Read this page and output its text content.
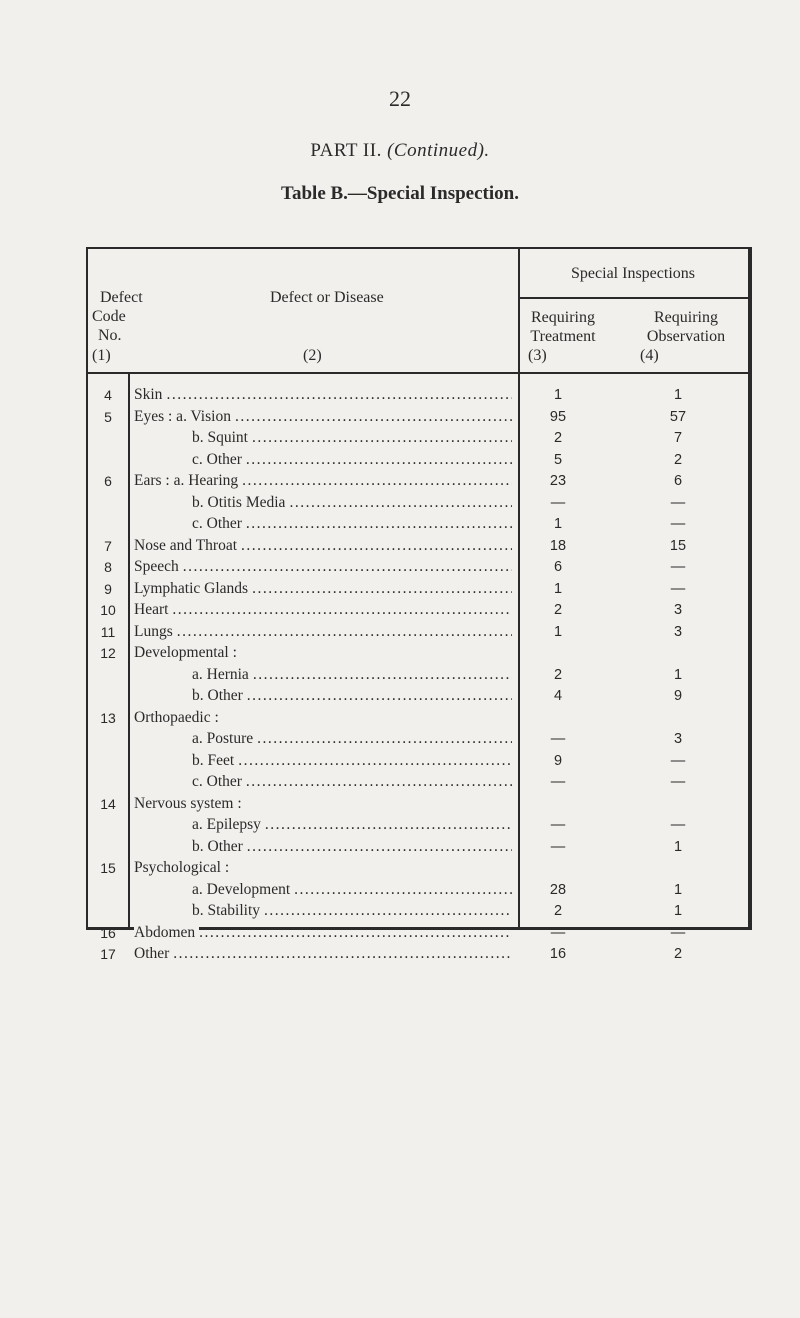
22
PART II. (Continued).
Table B.—Special Inspection.
Defect
Code
No.
(1)
Defect or Disease
(2)
Special Inspections
Requiring
Treatment
(3)
Requiring
Observation
(4)
4	Skin .....	1	1
5	Eyes : a. Vision .....	95	57
b. Squint .....	2	7
c. Other .....	5	2
6	Ears : a. Hearing .....	23	6
b. Otitis Media .....	—	—
c. Other .....	1	—
7	Nose and Throat .....	18	15
8	Speech .....	6	—
9	Lymphatic Glands .....	1	—
10	Heart .....	2	3
11	Lungs .....	1	3
12	Developmental :
a. Hernia .....	2	1
b. Other .....	4	9
13	Orthopaedic :
a. Posture .....	—	3
b. Feet .....	9	—
c. Other .....	—	—
14	Nervous system :
a. Epilepsy .....	—	—
b. Other .....	—	1
15	Psychological :
a. Development .....	28	1
b. Stability .....	2	1
16	Abdomen .....	—	—
17	Other .....	16	2
